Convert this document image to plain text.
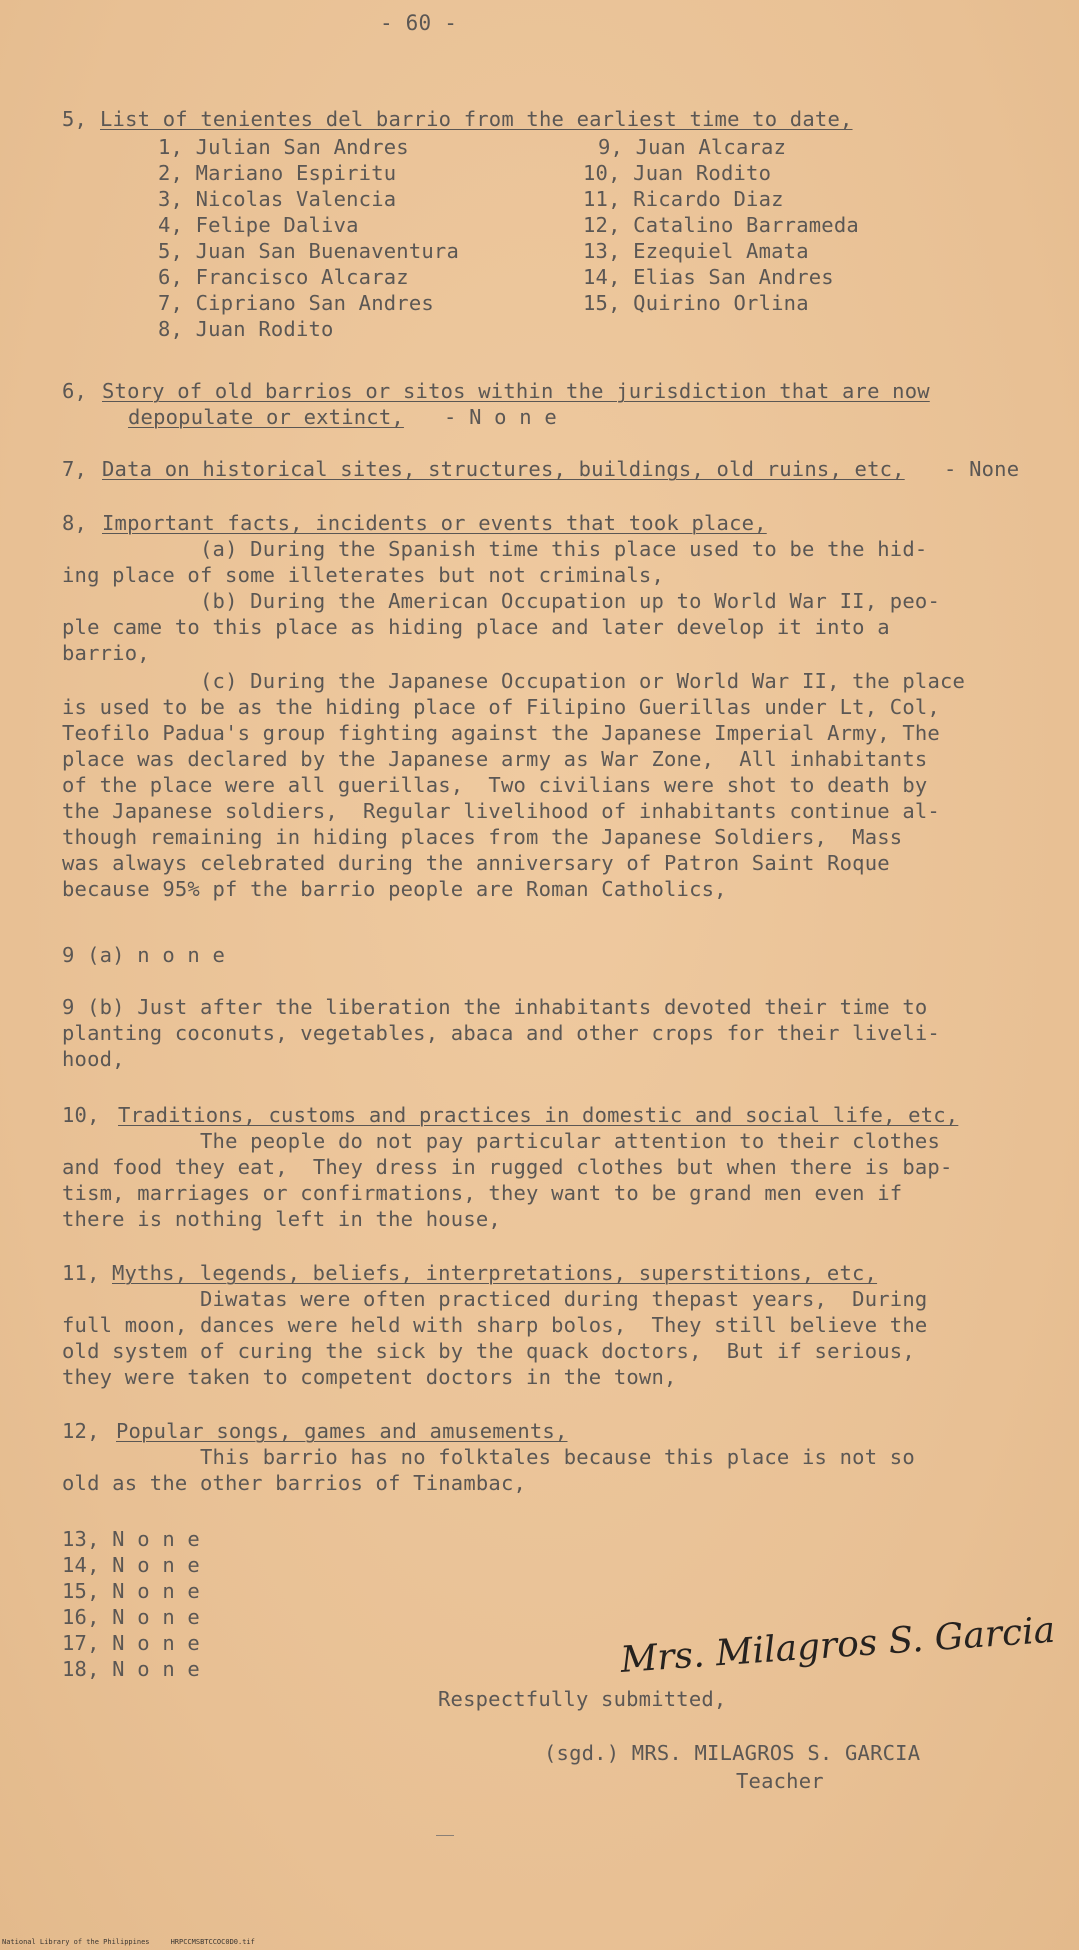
- 60 -
5, List of tenientes del barrio from the earliest time to date,
1, Julian San Andres
2, Mariano Espiritu
3, Nicolas Valencia
4, Felipe Daliva
5, Juan San Buenaventura
6, Francisco Alcaraz
7, Cipriano San Andres
8, Juan Rodito
9, Juan Alcaraz
10, Juan Rodito
11, Ricardo Diaz
12, Catalino Barrameda
13, Ezequiel Amata
14, Elias San Andres
15, Quirino Orlina
6, Story of old barrios or sitos within the jurisdiction that are now
depopulate or extinct, - N o n e
7, Data on historical sites, structures, buildings, old ruins, etc, - None
8, Important facts, incidents or events that took place,
(a) During the Spanish time this place used to be the hid-
ing place of some illeterates but not criminals,
(b) During the American Occupation up to World War II, peo-
ple came to this place as hiding place and later develop it into a
barrio,
(c) During the Japanese Occupation or World War II, the place
is used to be as the hiding place of Filipino Guerillas under Lt, Col,
Teofilo Padua's group fighting against the Japanese Imperial Army, The
place was declared by the Japanese army as War Zone,  All inhabitants
of the place were all guerillas,  Two civilians were shot to death by
the Japanese soldiers,  Regular livelihood of inhabitants continue al-
though remaining in hiding places from the Japanese Soldiers,  Mass
was always celebrated during the anniversary of Patron Saint Roque
because 95% pf the barrio people are Roman Catholics,
9 (a) n o n e
9 (b) Just after the liberation the inhabitants devoted their time to
planting coconuts, vegetables, abaca and other crops for their liveli-
hood,
10, Traditions, customs and practices in domestic and social life, etc,
The people do not pay particular attention to their clothes
and food they eat,  They dress in rugged clothes but when there is bap-
tism, marriages or confirmations, they want to be grand men even if
there is nothing left in the house,
11, Myths, legends, beliefs, interpretations, superstitions, etc,
Diwatas were often practiced during thepast years,  During
full moon, dances were held with sharp bolos,  They still believe the
old system of curing the sick by the quack doctors,  But if serious,
they were taken to competent doctors in the town,
12, Popular songs, games and amusements,
This barrio has no folktales because this place is not so
old as the other barrios of Tinambac,
13, N o n e
14, N o n e
15, N o n e
16, N o n e
17, N o n e
18, N o n e
Respectfully submitted,
Mrs. Milagros S. Garcia
(sgd.) MRS. MILAGROS S. GARCIA
Teacher
National Library of the Philippines     HRPCCMSBTCCOC0D0.tif
